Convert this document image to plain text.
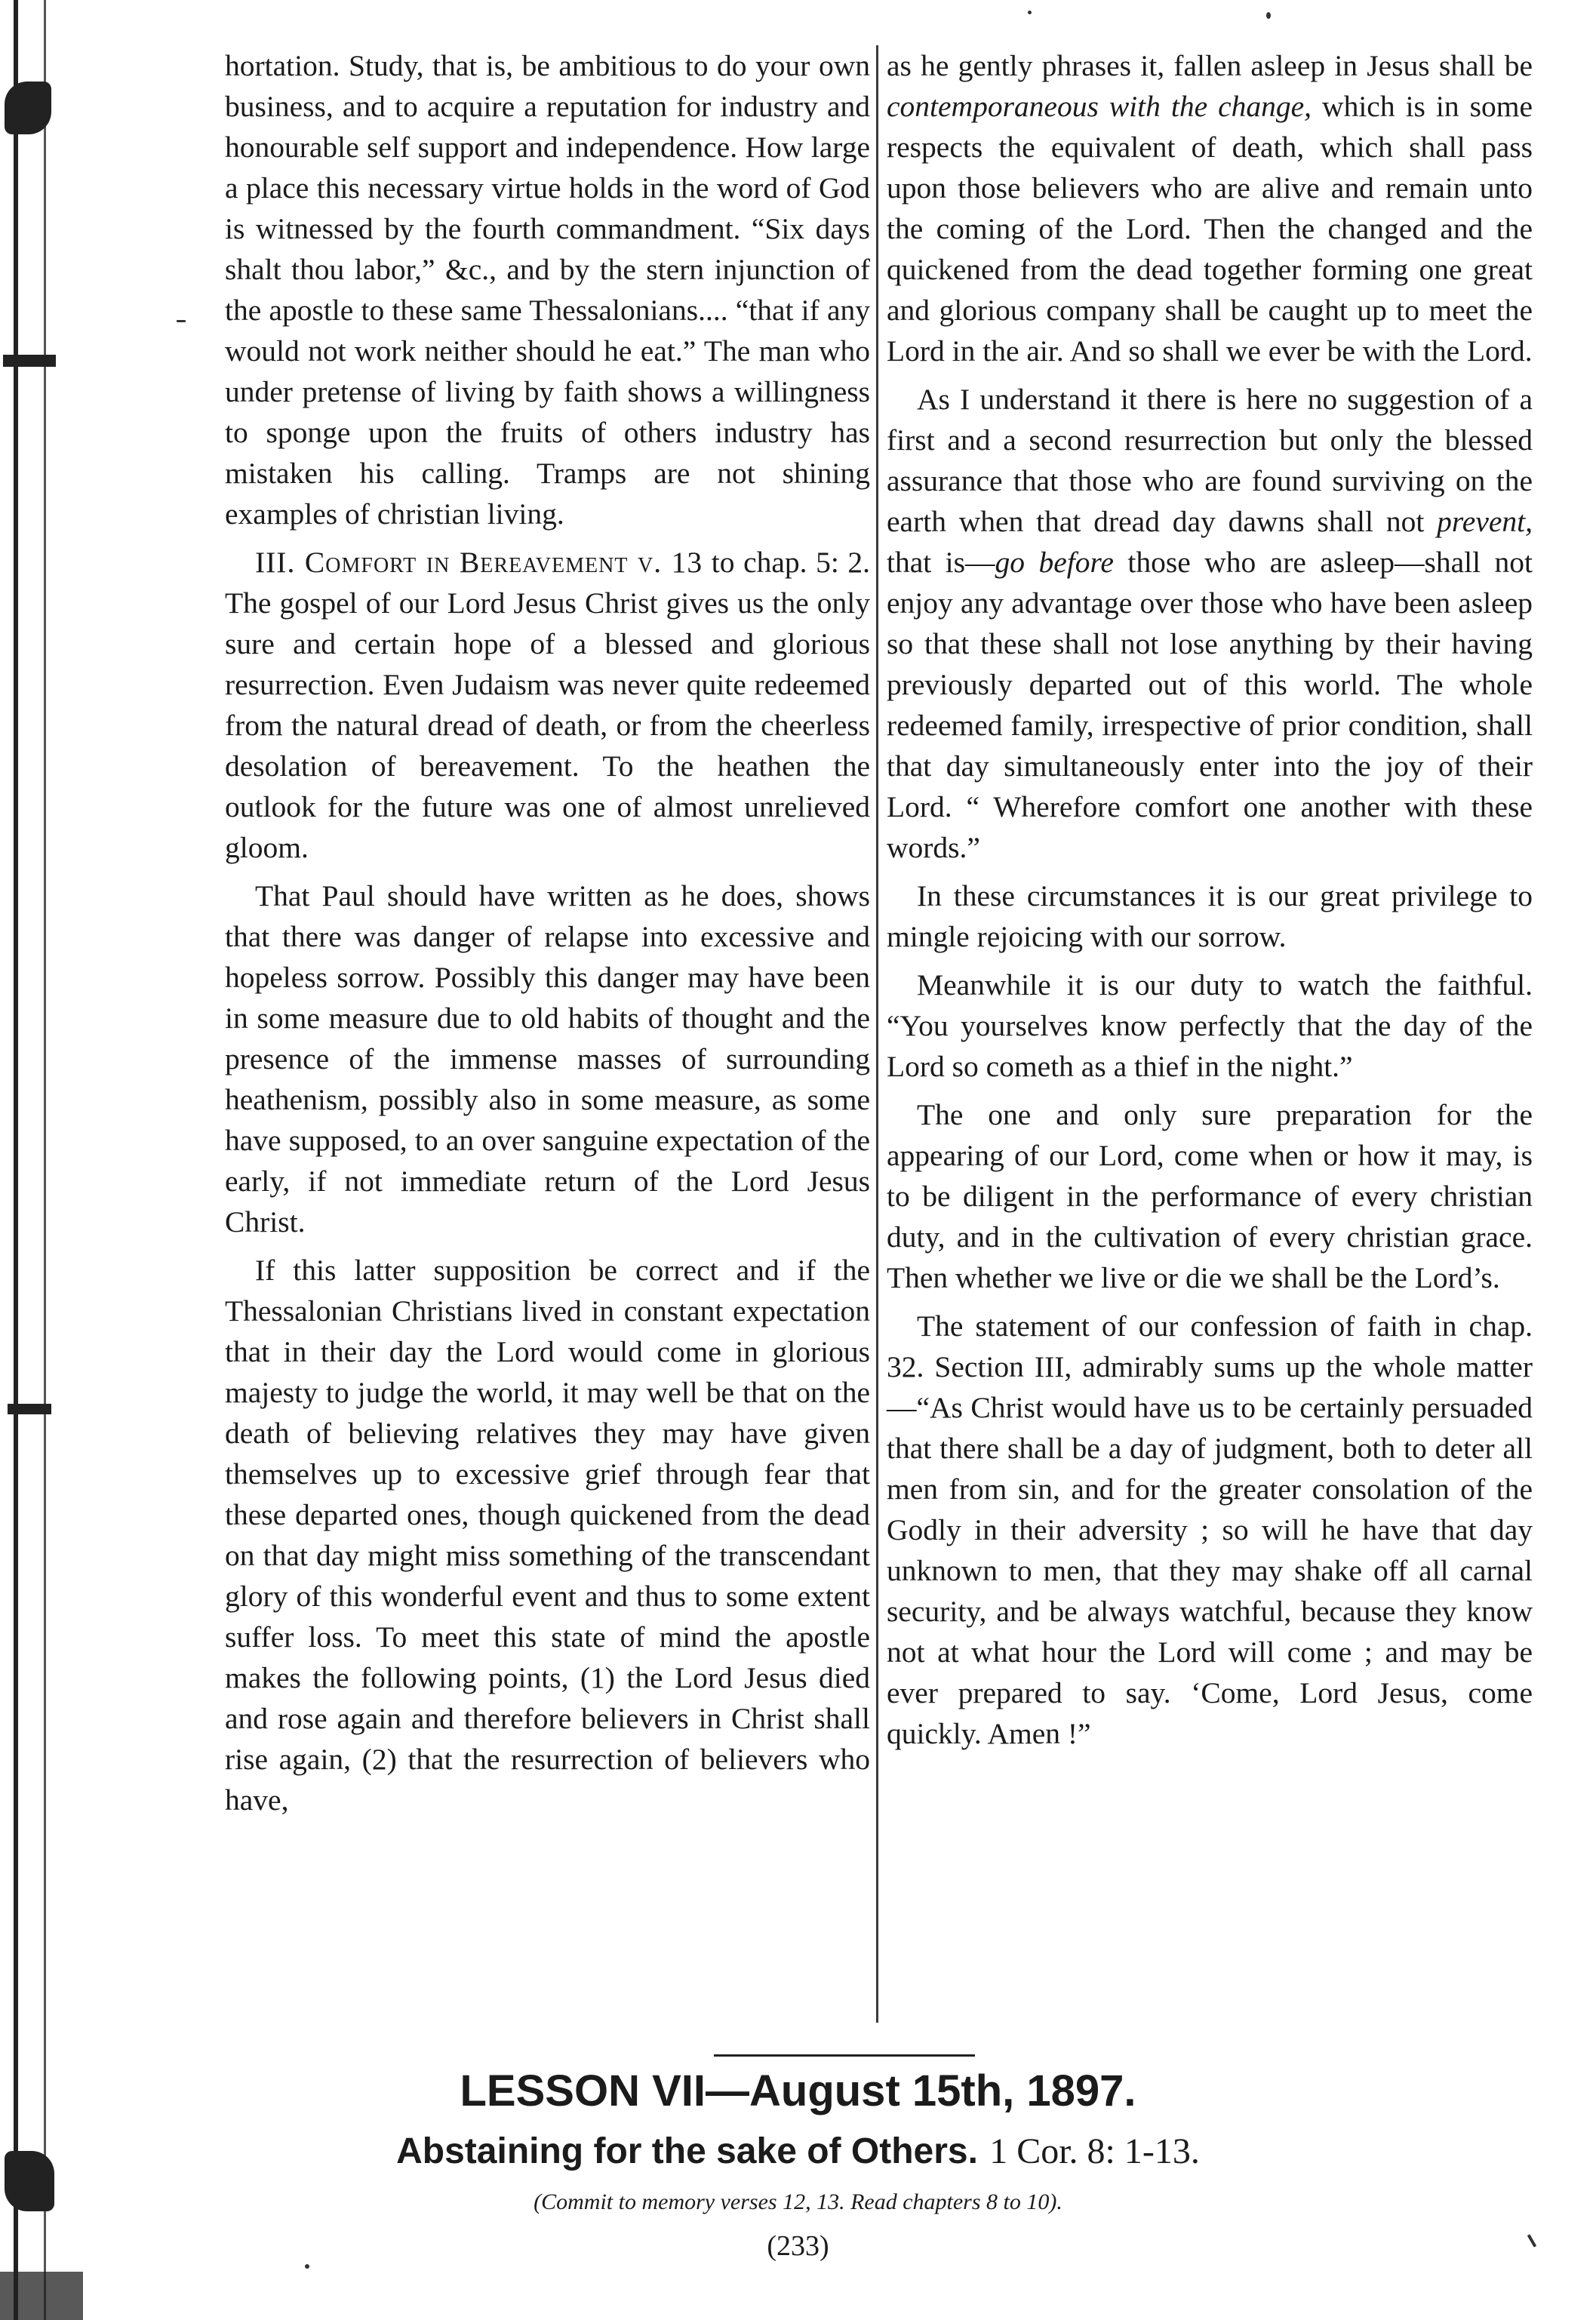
hortation. Study, that is, be ambitious to do your own business, and to acquire a reputation for industry and honourable self support and independence. How large a place this necessary virtue holds in the word of God is witnessed by the fourth commandment. “Six days shalt thou labor,” &c., and by the stern injunction of the apostle to these same Thessalonians.... “that if any would not work neither should he eat.” The man who under pretense of living by faith shows a willingness to sponge upon the fruits of others industry has mistaken his calling. Tramps are not shining examples of christian living.

III. Comfort in Bereavement v. 13 to chap. 5: 2. The gospel of our Lord Jesus Christ gives us the only sure and certain hope of a blessed and glorious resurrection. Even Judaism was never quite redeemed from the natural dread of death, or from the cheerless desolation of bereavement. To the heathen the outlook for the future was one of almost unrelieved gloom.

That Paul should have written as he does, shows that there was danger of relapse into excessive and hopeless sorrow. Possibly this danger may have been in some measure due to old habits of thought and the presence of the immense masses of surrounding heathenism, possibly also in some measure, as some have supposed, to an over sanguine expectation of the early, if not immediate return of the Lord Jesus Christ.

If this latter supposition be correct and if the Thessalonian Christians lived in constant expectation that in their day the Lord would come in glorious majesty to judge the world, it may well be that on the death of believing relatives they may have given themselves up to excessive grief through fear that these departed ones, though quickened from the dead on that day might miss something of the transcendant glory of this wonderful event and thus to some extent suffer loss. To meet this state of mind the apostle makes the following points, (1) the Lord Jesus died and rose again and therefore believers in Christ shall rise again, (2) that the resurrection of believers who have,

as he gently phrases it, fallen asleep in Jesus shall be contemporaneous with the change, which is in some respects the equivalent of death, which shall pass upon those believers who are alive and remain unto the coming of the Lord. Then the changed and the quickened from the dead together forming one great and glorious company shall be caught up to meet the Lord in the air. And so shall we ever be with the Lord.

As I understand it there is here no suggestion of a first and a second resurrection but only the blessed assurance that those who are found surviving on the earth when that dread day dawns shall not prevent, that is—go before those who are asleep—shall not enjoy any advantage over those who have been asleep so that these shall not lose anything by their having previously departed out of this world. The whole redeemed family, irrespective of prior condition, shall that day simultaneously enter into the joy of their Lord. “ Wherefore comfort one another with these words.”

In these circumstances it is our great privilege to mingle rejoicing with our sorrow.

Meanwhile it is our duty to watch the faithful. “You yourselves know perfectly that the day of the Lord so cometh as a thief in the night.”

The one and only sure preparation for the appearing of our Lord, come when or how it may, is to be diligent in the performance of every christian duty, and in the cultivation of every christian grace. Then whether we live or die we shall be the Lord’s.

The statement of our confession of faith in chap. 32. Section III, admirably sums up the whole matter—“As Christ would have us to be certainly persuaded that there shall be a day of judgment, both to deter all men from sin, and for the greater consolation of the Godly in their adversity ; so will he have that day unknown to men, that they may shake off all carnal security, and be always watchful, because they know not at what hour the Lord will come ; and may be ever prepared to say. ‘Come, Lord Jesus, come quickly. Amen !”

LESSON VII—August 15th, 1897.
Abstaining for the sake of Others. 1 Cor. 8: 1-13.
(Commit to memory verses 12, 13. Read chapters 8 to 10).
(233)
